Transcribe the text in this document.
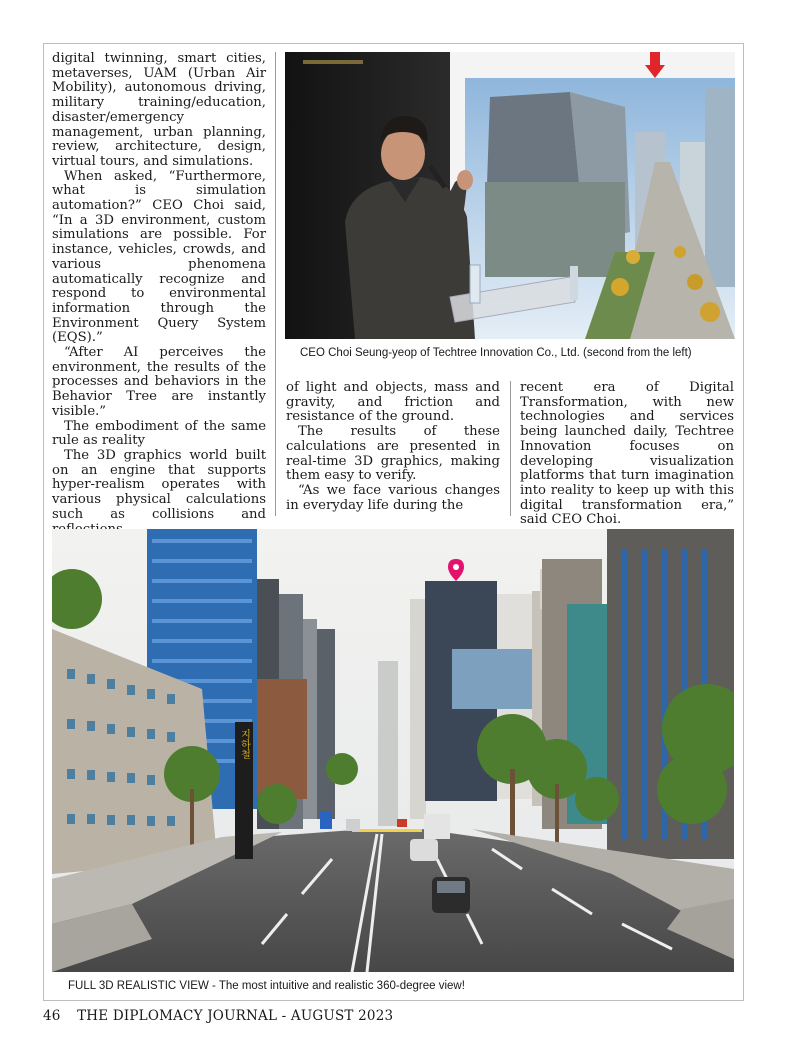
digital twinning, smart cities, metaverses, UAM (Urban Air Mobility), autonomous driving, military training/education, disaster/emergency management, urban planning, review, architecture, design, virtual tours, and simulations.

When asked, “Furthermore, what is simulation automation?” CEO Choi said, “In a 3D environment, custom simulations are possible. For instance, vehicles, crowds, and various phenomena automatically recognize and respond to environmental information through the Environment Query System (EQS).”

“After AI perceives the environment, the results of the processes and behaviors in the Behavior Tree are instantly visible.”

The embodiment of the same rule as reality

The 3D graphics world built on an engine that supports hyper-realism operates with various physical calculations such as collisions and

CEO Choi Seung-yeop of Techtree Innovation Co., Ltd. (second from the left)

of light and objects, mass and gravity, and friction and resistance of the ground.

The results of these calculations are presented in real-time 3D graphics, making them easy to verify.

“As we face various changes in everyday life during the

recent era of Digital Transformation, with new technologies and services being launched daily, Techtree Innovation focuses on developing visualization platforms that turn imagination into reality to keep up with this digital transformation era,” said CEO Choi.

지하철
FULL 3D REALISTIC VIEW - The most intuitive and realistic 360-degree view!
46 THE DIPLOMACY JOURNAL - AUGUST 2023
